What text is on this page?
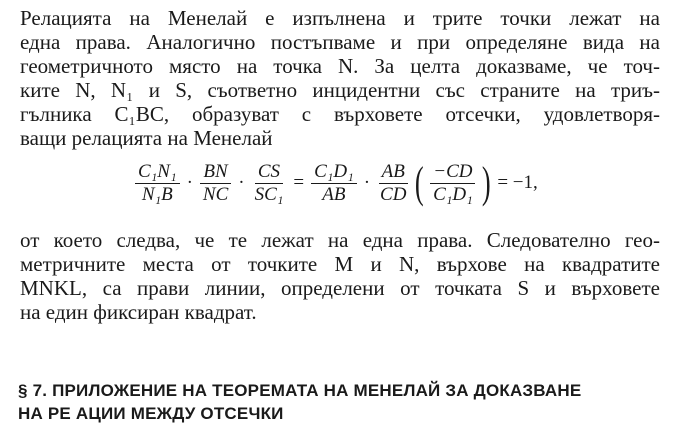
Релацията на Менелай е изпълнена и трите точки лежат на
една права. Аналогично постъпваме и при определяне вида на
геометричното място на точка N. За целта доказваме, че точ-
ките N, N₁ и S, съответно инцидентни със страните на триъ-
гълника C₁BC, образуват с върховете отсечки, удовлетворя-
ващи релацията на Менелай
$\frac{\text{C₁N₁}}{\text{N₁B}} \cdot \frac{BN}{NC} \cdot \frac{CS}{\text{SC₁}} = \frac{\text{C₁D₁}}{AB} \cdot \frac{AB}{CD}$ ( $\frac{-CD}{\text{C₁D₁}}$ ) = −1,
от което следва, че те лежат на една права. Следователно гео-
метричните места от точките M и N, върхове на квадратите
MNKL, са прави линии, определени от точката S и върховете
на един фиксиран квадрат.
§ 7. ПРИЛОЖЕНИЕ НА ТЕОРЕМАТА НА МЕНЕЛАЙ ЗА ДОКАЗВАНЕ
НА РЕ АЦИИ МЕЖДУ ОТСЕЧКИ
